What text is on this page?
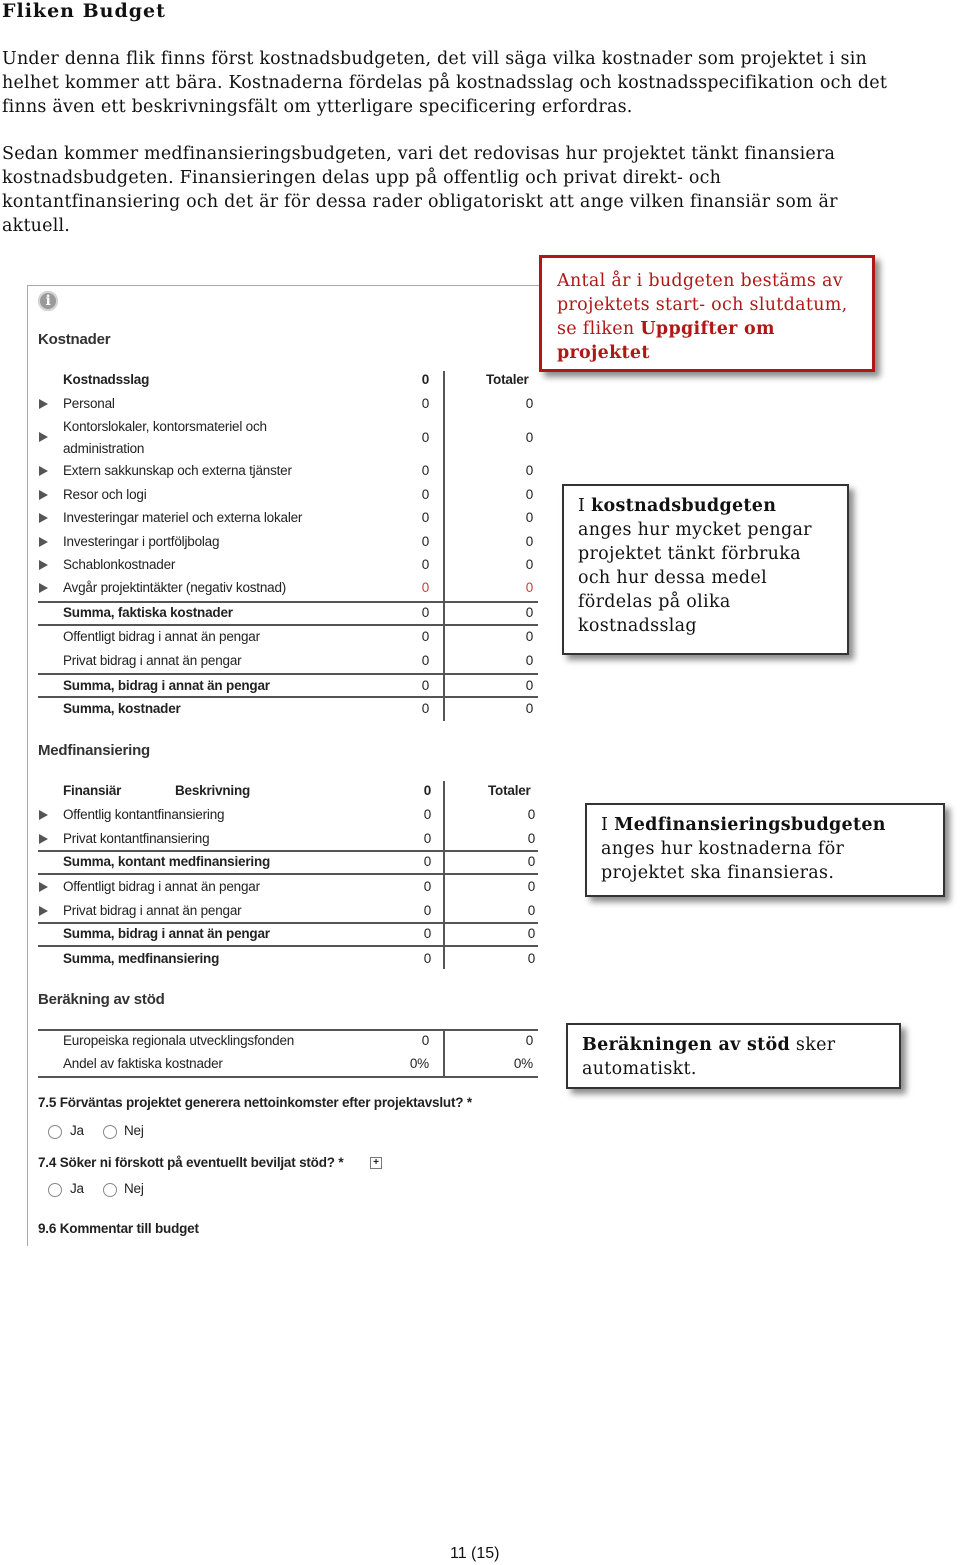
Fliken Budget

Under denna flik finns först kostnadsbudgeten, det vill säga vilka kostnader som projektet i sin helhet kommer att bära. Kostnaderna fördelas på kostnadsslag och kostnadsspecifikation och det finns även ett beskrivningsfält om ytterligare specificering erfordras.

Sedan kommer medfinansieringsbudgeten, vari det redovisas hur projektet tänkt finansiera kostnadsbudgeten. Finansieringen delas upp på offentlig och privat direkt- och kontantfinansiering och det är för dessa rader obligatoriskt att ange vilken finansiär som är aktuell.

i
Kostnader
Kostnadsslag	0	Totaler
Personal	0	0
Kontorslokaler, kontorsmateriel och
administration
0	0
Extern sakkunskap och externa tjänster	0	0
Resor och logi	0	0
Investeringar materiel och externa lokaler	0	0
Investeringar i portföljbolag	0	0
Schablonkostnader	0	0
Avgår projektintäkter (negativ kostnad)	0	0
Summa, faktiska kostnader	0	0
Offentligt bidrag i annat än pengar	0	0
Privat bidrag i annat än pengar	0	0
Summa, bidrag i annat än pengar	0	0
Summa, kostnader	0	0
Medfinansiering
Finansiär	Beskrivning	0	Totaler
Offentlig kontantfinansiering	0	0
Privat kontantfinansiering	0	0
Summa, kontant medfinansiering	0	0
Offentligt bidrag i annat än pengar	0	0
Privat bidrag i annat än pengar	0	0
Summa, bidrag i annat än pengar	0	0
Summa, medfinansiering	0	0
Beräkning av stöd
Europeiska regionala utvecklingsfonden	0	0
Andel av faktiska kostnader	0%	0%
7.5 Förväntas projektet generera nettoinkomster efter projektavslut? *
Ja	Nej
7.4 Söker ni förskott på eventuellt beviljat stöd? *	+
Ja	Nej
9.6 Kommentar till budget
Antal år i budgeten bestäms av projektets start- och slutdatum, se fliken Uppgifter om projektet
I kostnadsbudgeten anges hur mycket pengar projektet tänkt förbruka och hur dessa medel fördelas på olika kostnadsslag
I Medfinansieringsbudgeten anges hur kostnaderna för projektet ska finansieras.
Beräkningen av stöd sker automatiskt.
11 (15)
